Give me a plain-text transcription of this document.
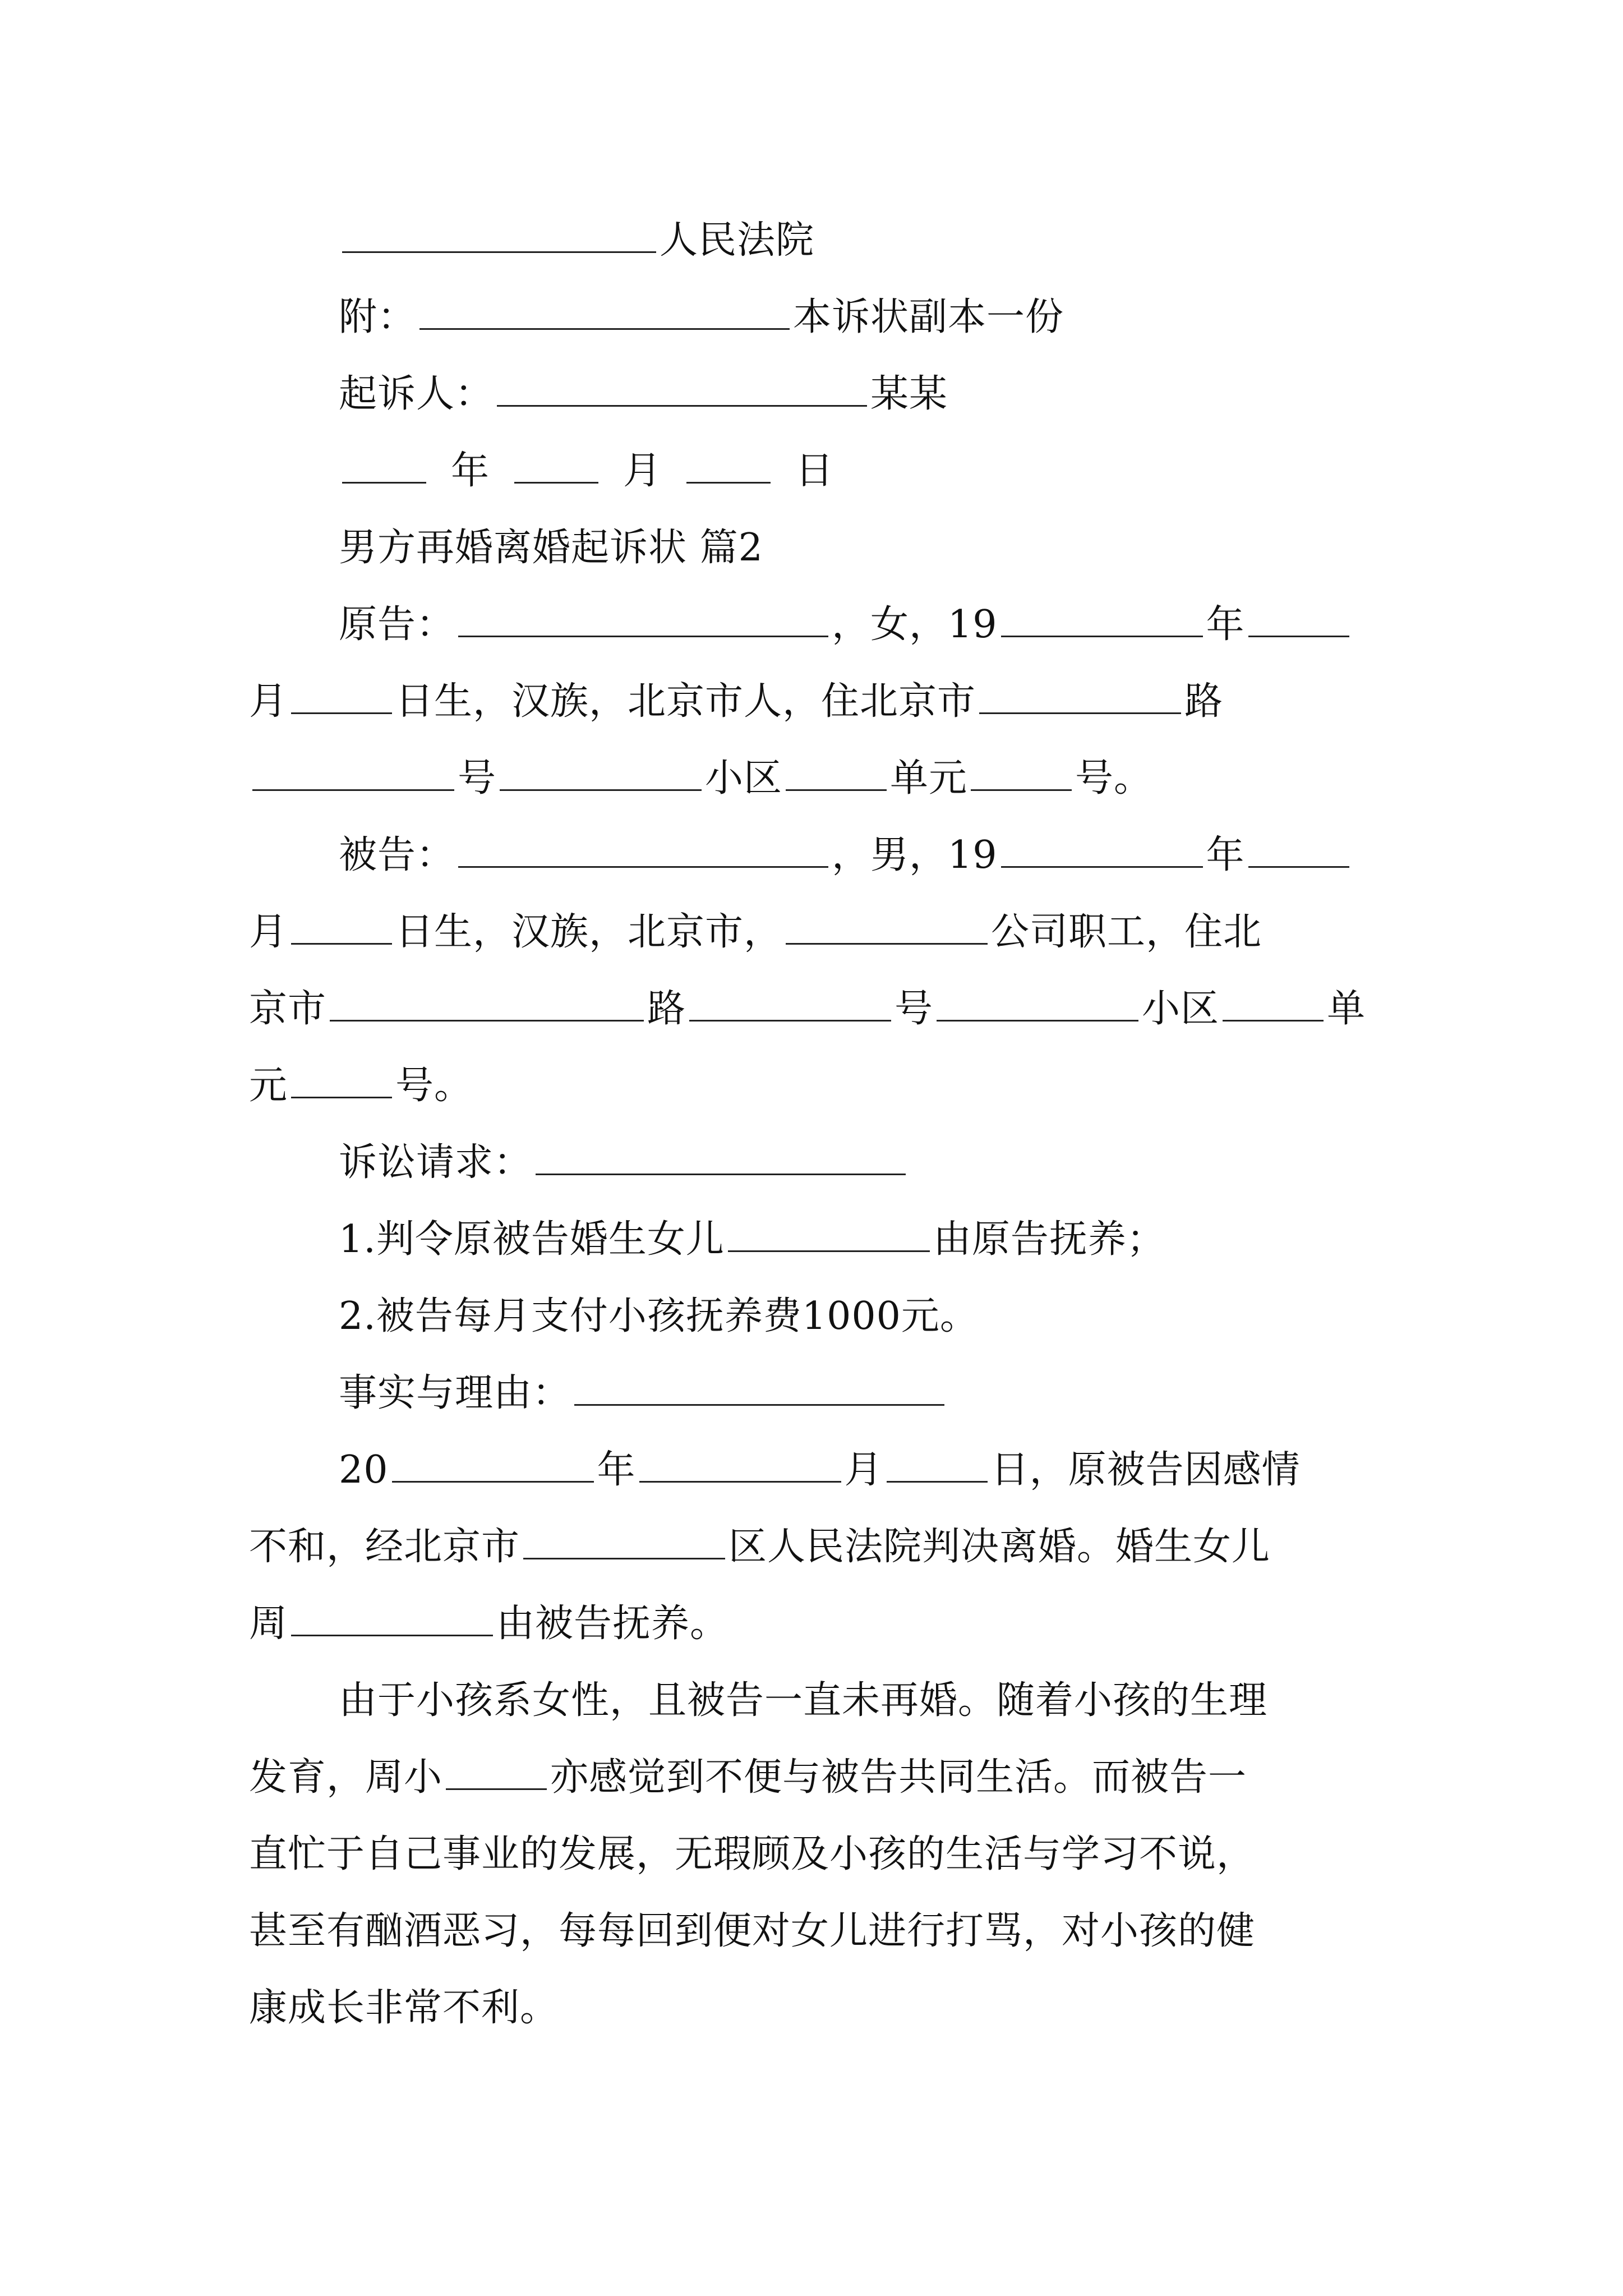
人民法院
附：	本诉状副本一份
起诉人：	某某
年	月	日
男方再婚离婚起诉状 篇2
原告：	，女，19	年
月	日生，汉族，北京市人，住北京市	路
号	小区	单元	号。
被告：	，男，19	年
月	日生，汉族，北京市，	公司职工，住北
京市	路	号	小区	单
元	号。
诉讼请求：
1.判令原被告婚生女儿	由原告抚养；
2.被告每月支付小孩抚养费1000元。
事实与理由：
20	年	月	日，原被告因感情
不和，经北京市	区人民法院判决离婚。婚生女儿
周	由被告抚养。
由于小孩系女性，且被告一直未再婚。随着小孩的生理
发育，周小	亦感觉到不便与被告共同生活。而被告一
直忙于自己事业的发展，无瑕顾及小孩的生活与学习不说，
甚至有酗酒恶习，每每回到便对女儿进行打骂，对小孩的健
康成长非常不利。
